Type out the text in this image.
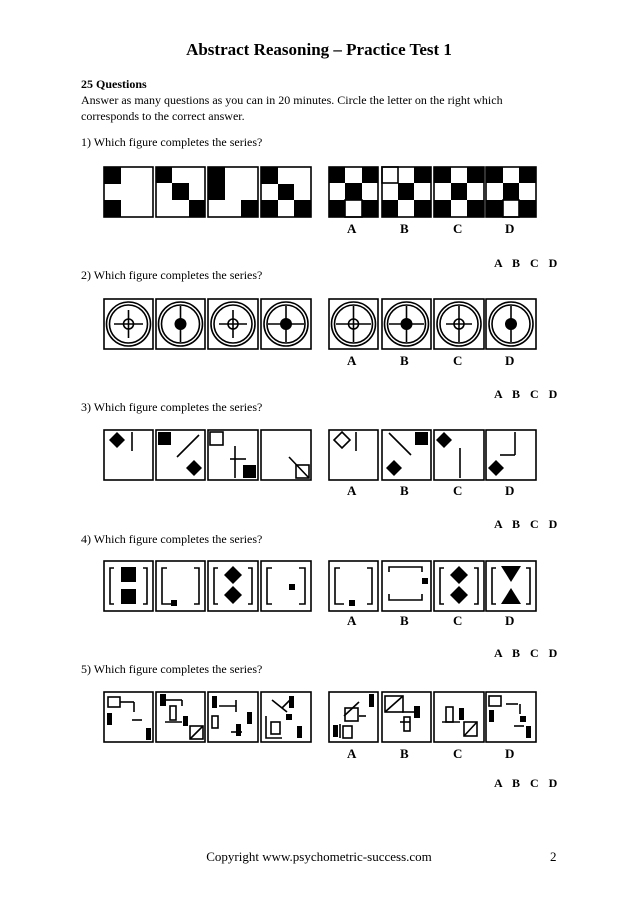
Abstract Reasoning – Practice Test 1
25 Questions
Answer as many questions as you can in 20 minutes. Circle the letter on the right which corresponds to the correct answer.
1) Which figure completes the series?
2) Which figure completes the series?
3) Which figure completes the series?
4) Which figure completes the series?
5) Which figure completes the series?
A B C D
A B C D
A B C D
A B C D
A B C D
A	B	C	D
A	B	C	D
A	B	C	D
A	B	C	D
A	B	C	D
Copyright www.psychometric-success.com	2
